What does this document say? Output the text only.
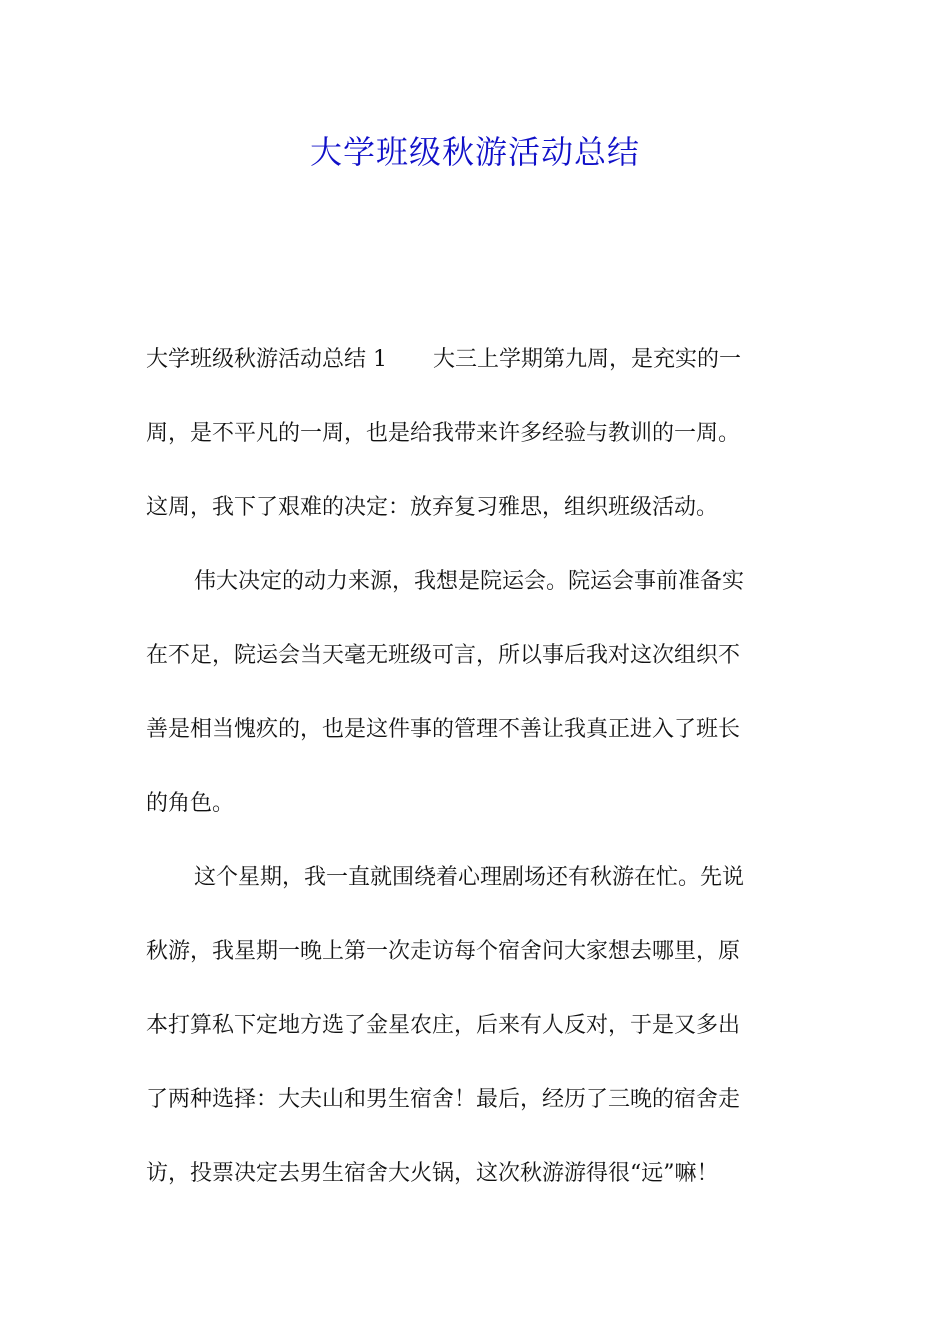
大学班级秋游活动总结
大学班级秋游活动总结 1 大三上学期第九周，是充实的一
周，是不平凡的一周，也是给我带来许多经验与教训的一周。
这周，我下了艰难的决定：放弃复习雅思，组织班级活动。
伟大决定的动力来源，我想是院运会。院运会事前准备实
在不足，院运会当天毫无班级可言，所以事后我对这次组织不
善是相当愧疚的，也是这件事的管理不善让我真正进入了班长
的角色。
这个星期，我一直就围绕着心理剧场还有秋游在忙。先说
秋游，我星期一晚上第一次走访每个宿舍问大家想去哪里，原
本打算私下定地方选了金星农庄，后来有人反对，于是又多出
了两种选择：大夫山和男生宿舍！最后，经历了三晚的宿舍走
访，投票决定去男生宿舍大火锅，这次秋游游得很“远”嘛！
